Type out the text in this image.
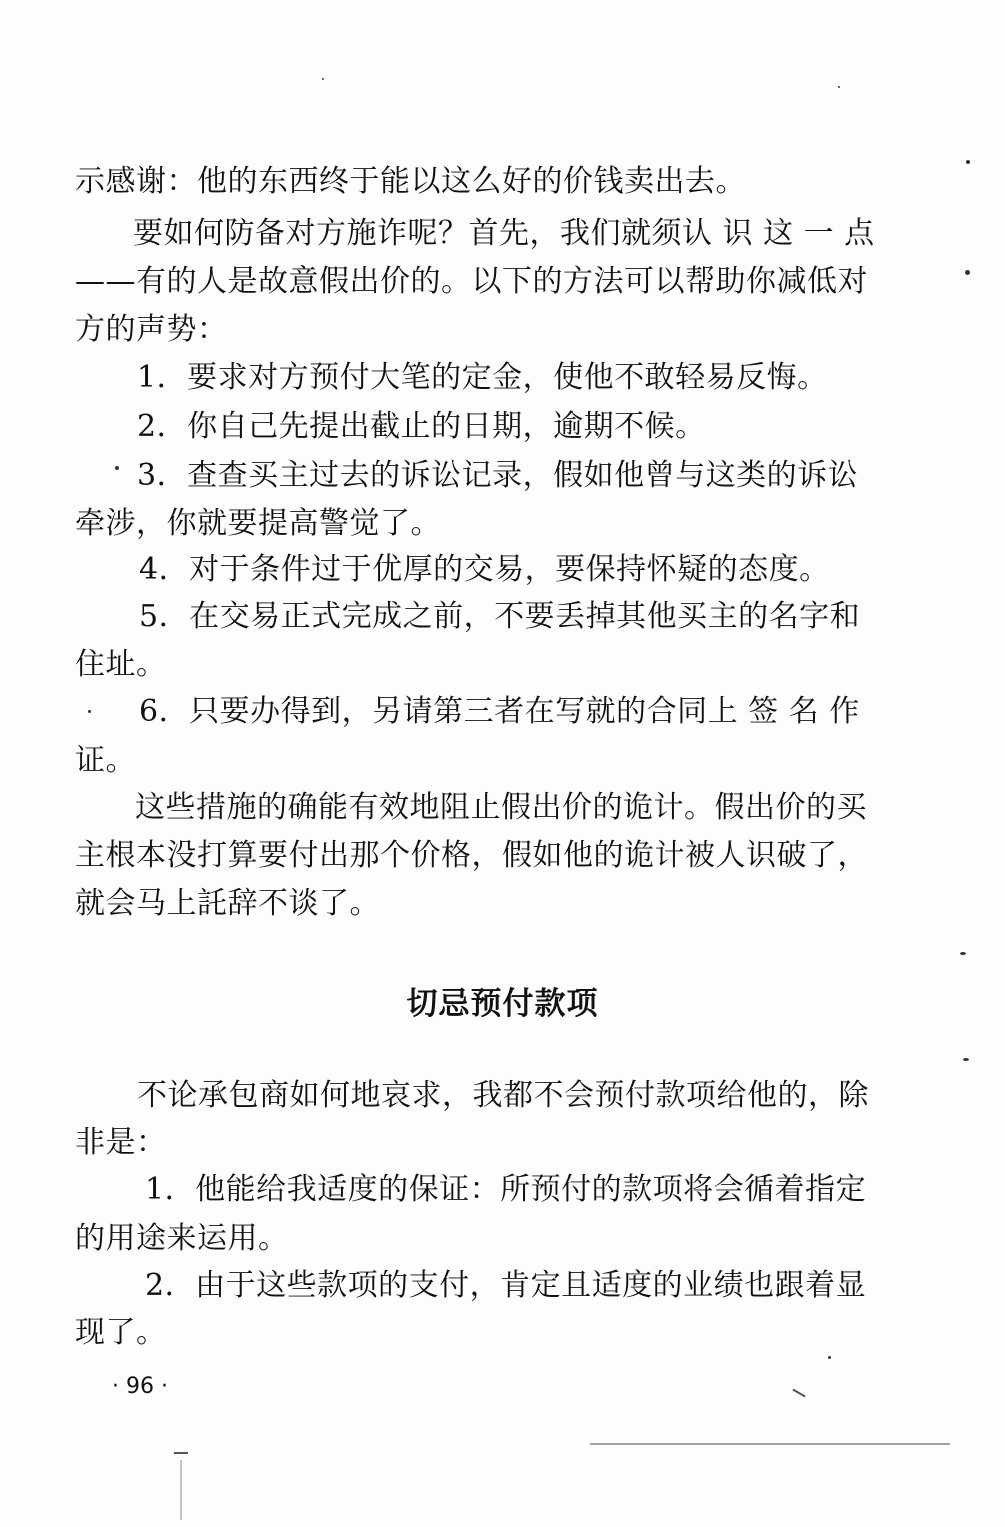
示感谢：他的东西终于能以这么好的价钱卖出去。
要如何防备对方施诈呢？首先，我们就须认 识 这 一 点
——有的人是故意假出价的。以下的方法可以帮助你减低对
方的声势：
1．要求对方预付大笔的定金，使他不敢轻易反悔。
2．你自己先提出截止的日期，逾期不候。
3．查查买主过去的诉讼记录，假如他曾与这类的诉讼
牵涉，你就要提高警觉了。
4．对于条件过于优厚的交易，要保持怀疑的态度。
5．在交易正式完成之前，不要丢掉其他买主的名字和
住址。
6．只要办得到，另请第三者在写就的合同上 签 名 作
证。
这些措施的确能有效地阻止假出价的诡计。假出价的买
主根本没打算要付出那个价格，假如他的诡计被人识破了，
就会马上託辞不谈了。
切忌预付款项
不论承包商如何地哀求，我都不会预付款项给他的，除
非是：
1．他能给我适度的保证：所预付的款项将会循着指定
的用途来运用。
2．由于这些款项的支付，肯定且适度的业绩也跟着显
现了。
· 96 ·
